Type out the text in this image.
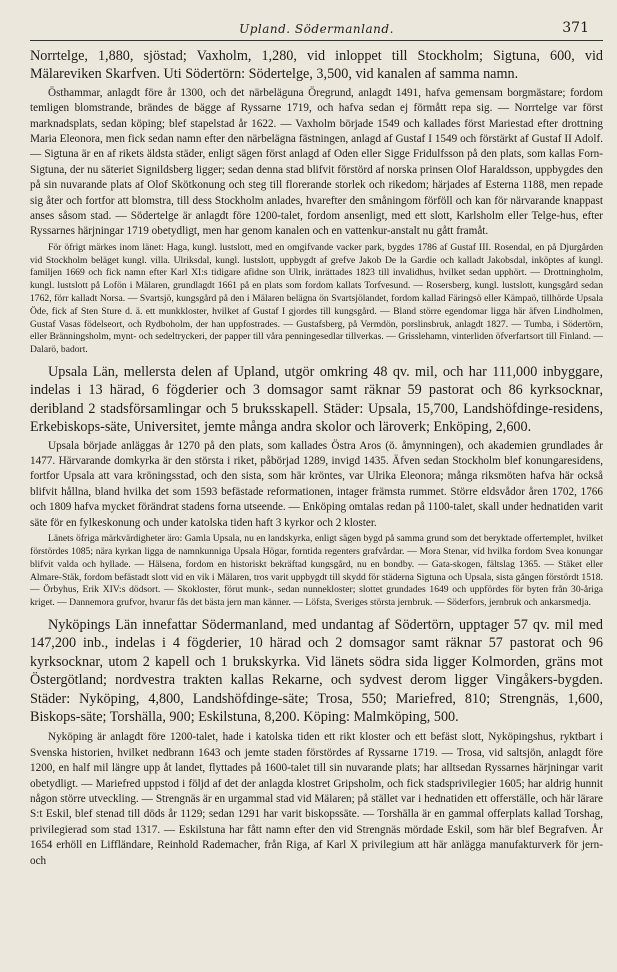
Upland. Södermanland.	371

Norrtelge, 1,880, sjöstad; Vaxholm, 1,280, vid inloppet till Stockholm; Sigtuna, 600, vid Mälareviken Skarfven. Uti Södertörn: Södertelge, 3,500, vid kanalen af samma namn.

Östhammar, anlagdt före år 1300, och det närbeläguna Öregrund, anlagdt 1491, hafva gemensam borgmästare; fordom temligen blomstrande, brändes de bägge af Ryssarne 1719, och hafva sedan ej förmått repa sig. — Norrtelge var först marknadsplats, sedan köping; blef stapelstad år 1622. — Vaxholm började 1549 och kallades först Mariestad efter drottning Maria Eleonora, men fick sedan namn efter den närbelägna fästningen, anlagd af Gustaf I 1549 och förstärkt af Gustaf II Adolf. — Sigtuna är en af rikets äldsta städer, enligt sägen först anlagd af Oden eller Sigge Fridulfsson på den plats, som kallas Forn-Sigtuna, der nu säteriet Signildsberg ligger; sedan denna stad blifvit förstörd af norska prinsen Olof Haraldsson, uppbygdes den på sin nuvarande plats af Olof Skötkonung och steg till florerande storlek och rikedom; härjades af Esterna 1188, men repade sig åter och fortfor att blomstra, till dess Stockholm anlades, hvarefter den småningom förföll och kan för närvarande knappast anses såsom stad. — Södertelge är anlagdt före 1200-talet, fordom ansenligt, med ett slott, Karlsholm eller Telge-hus, efter Ryssarnes härjningar 1719 obetydligt, men har genom kanalen och en vattenkur-anstalt nu gått framåt.

För öfrigt märkes inom länet: Haga, kungl. lustslott, med en omgifvande vacker park, bygdes 1786 af Gustaf III. Rosendal, en på Djurgården vid Stockholm beläget kungl. villa. Ulriksdal, kungl. lustslott, uppbygdt af grefve Jakob De la Gardie och kalladt Jakobsdal, inköptes af kungl. familjen 1669 och fick namn efter Karl XI:s tidigare afidne son Ulrik, inrättades 1823 till invalidhus, hvilket sedan upphört. — Drottningholm, kungl. lustslott på Lofön i Mälaren, grundlagdt 1661 på en plats som fordom kallats Torfvesund. — Rosersberg, kungl. lustslott, kungsgård sedan 1762, förr kalladt Norsa. — Svartsjö, kungsgård på den i Mälaren belägna ön Svartsjölandet, fordom kallad Färingsö eller Kämpaö, tillhörde Upsala Öde, fick af Sten Sture d. ä. ett munkkloster, hvilket af Gustaf I gjordes till kungsgård. — Bland större egendomar ligga här äfven Lindholmen, Gustaf Vasas födelseort, och Rydboholm, der han uppfostrades. — Gustafsberg, på Vermdön, porslinsbruk, anlagdt 1827. — Tumba, i Södertörn, eller Bränningsholm, mynt- och sedeltryckeri, der papper till våra penningesedlar tillverkas. — Grisslehamn, vinterliden öfverfartsort till Finland. — Dalarö, badort.

Upsala Län, mellersta delen af Upland, utgör omkring 48 qv. mil, och har 111,000 inbyggare, indelas i 13 härad, 6 fögderier och 3 domsagor samt räknar 59 pastorat och 86 kyrksocknar, deribland 2 stadsförsamlingar och 5 bruksskapell. Städer: Upsala, 15,700, Landshöfdinge-residens, Erkebiskops-säte, Universitet, jemte många andra skolor och läroverk; Enköping, 2,600.

Upsala började anläggas år 1270 på den plats, som kallades Östra Aros (ö. åmynningen), och akademien grundlades år 1477. Härvarande domkyrka är den största i riket, påbörjad 1289, invigd 1435. Äfven sedan Stockholm blef konungaresidens, fortfor Upsala att vara kröningsstad, och den sista, som här kröntes, var Ulrika Eleonora; många riksmöten hafva här också blifvit hållna, bland hvilka det som 1593 befästade reformationen, intager främsta rummet. Större eldsvådor åren 1702, 1766 och 1809 hafva mycket förändrat stadens forna utseende. — Enköping omtalas redan på 1100-talet, skall under hednatiden varit säte för en fylkeskonung och under katolska tiden haft 3 kyrkor och 2 kloster.

Länets öfriga märkvärdigheter äro: Gamla Upsala, nu en landskyrka, enligt sägen bygd på samma grund som det beryktade offertemplet, hvilket förstördes 1085; nära kyrkan ligga de namnkunniga Upsala Högar, forntida regenters grafvårdar. — Mora Stenar, vid hvilka fordom Svea konungar blifvit valda och hyllade. — Hälsena, fordom en historiskt bekräftad kungsgård, nu en bondby. — Gata-skogen, fältslag 1365. — Stäket eller Almare-Stäk, fordom befästadt slott vid en vik i Mälaren, tros varit uppbygdt till skydd för städerna Sigtuna och Upsala, sista gången förstördt 1518. — Örbyhus, Erik XIV:s dödsort. — Skokloster, förut munk-, sedan nunnekloster; slottet grundades 1649 och uppfördes för byten från 30-åriga kriget. — Dannemora grufvor, hvarur fås det bästa jern man känner. — Löfsta, Sveriges största jernbruk. — Söderfors, jernbruk och ankarsmedja.

Nyköpings Län innefattar Södermanland, med undantag af Södertörn, upptager 57 qv. mil med 147,200 inb., indelas i 4 fögderier, 10 härad och 2 domsagor samt räknar 57 pastorat och 96 kyrksocknar, utom 2 kapell och 1 brukskyrka. Vid länets södra sida ligger Kolmorden, gräns mot Östergötland; nordvestra trakten kallas Rekarne, och sydvest derom ligger Vingåkers-bygden. Städer: Nyköping, 4,800, Landshöfdinge-säte; Trosa, 550; Mariefred, 810; Strengnäs, 1,600, Biskops-säte; Torshälla, 900; Eskilstuna, 8,200. Köping: Malmköping, 500.

Nyköping är anlagdt före 1200-talet, hade i katolska tiden ett rikt kloster och ett befäst slott, Nyköpingshus, ryktbart i Svenska historien, hvilket nedbrann 1643 och jemte staden förstördes af Ryssarne 1719. — Trosa, vid saltsjön, anlagdt före 1200, en half mil längre upp åt landet, flyttades på 1600-talet till sin nuvarande plats; har alltsedan Ryssarnes härjningar varit obetydligt. — Mariefred uppstod i följd af det der anlagda klostret Gripsholm, och fick stadsprivilegier 1605; har aldrig hunnit någon större utveckling. — Strengnäs är en urgammal stad vid Mälaren; på stället var i hednatiden ett offerställe, och här lärare S:t Eskil, blef stenad till döds år 1129; sedan 1291 har varit biskopssäte. — Torshälla är en gammal offerplats kallad Torshag, privilegierad som stad 1317. — Eskilstuna har fått namn efter den vid Strengnäs mördade Eskil, som här blef Begrafven. År 1654 erhöll en Liffländare, Reinhold Rademacher, från Riga, af Karl X privilegium att här anlägga manufakturverk för jern- och
